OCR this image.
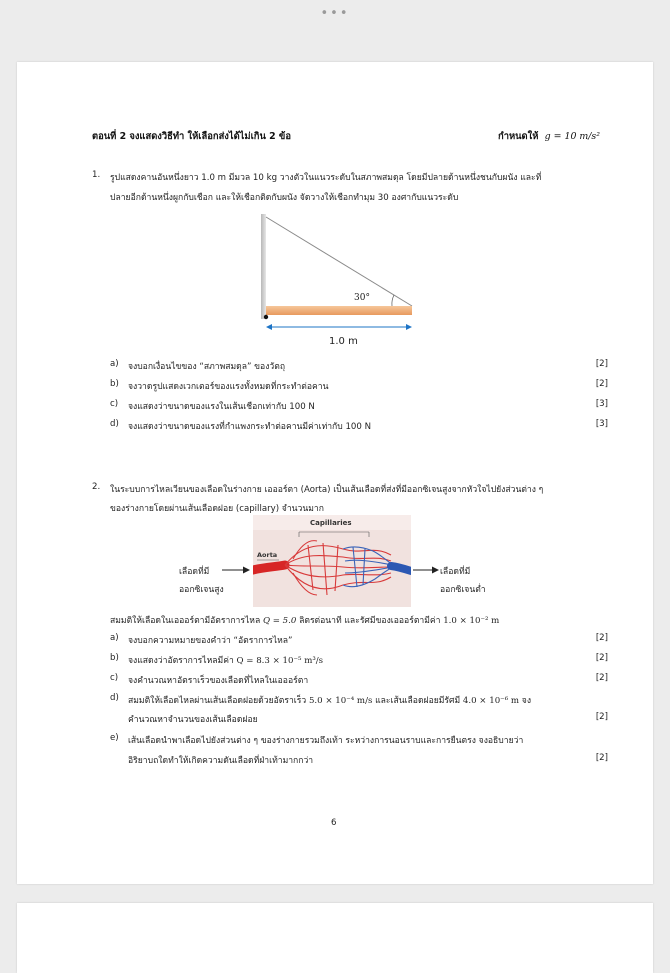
•••
ตอนที่ 2 จงแสดงวิธีทำ ให้เลือกส่งได้ไม่เกิน 2 ข้อ	กำหนดให้ g = 10 m/s²
1. รูปแสดงคานอันหนึ่งยาว 1.0 m มีมวล 10 kg วางตัวในแนวระดับในสภาพสมดุล โดยมีปลายด้านหนึ่งชนกับผนัง และที่
ปลายอีกด้านหนึ่งผูกกับเชือก และให้เชือกติดกับผนัง จัดวางให้เชือกทำมุม 30 องศากับแนวระดับ
30°
1.0 m
a) จงบอกเงื่อนไขของ “สภาพสมดุล” ของวัตถุ	[2]
b) จงวาดรูปแสดงเวกเตอร์ของแรงทั้งหมดที่กระทำต่อคาน	[2]
c) จงแสดงว่าขนาดของแรงในเส้นเชือกเท่ากับ 100 N	[3]
d) จงแสดงว่าขนาดของแรงที่กำแพงกระทำต่อคานมีค่าเท่ากับ 100 N	[3]
2. ในระบบการไหลเวียนของเลือดในร่างกาย เอออร์ตา (Aorta) เป็นเส้นเลือดที่ส่งที่มีออกซิเจนสูงจากหัวใจไปยังส่วนต่าง ๆ
ของร่างกายโดยผ่านเส้นเลือดฝอย (capillary) จำนวนมาก
เลือดที่มี
ออกซิเจนสูง
Capillaries
Aorta
เลือดที่มี
ออกซิเจนต่ำ
สมมติให้เลือดในเอออร์ตามีอัตราการไหล Q = 5.0 ลิตรต่อนาที และรัศมีของเอออร์ตามีค่า 1.0 × 10⁻² m
a) จงบอกความหมายของคำว่า “อัตราการไหล”	[2]
b) จงแสดงว่าอัตราการไหลมีค่า Q = 8.3 × 10⁻⁵ m³/s	[2]
c) จงคำนวณหาอัตราเร็วของเลือดที่ไหลในเอออร์ตา	[2]
d) สมมติให้เลือดไหลผ่านเส้นเลือดฝอยด้วยอัตราเร็ว 5.0 × 10⁻⁴ m/s และเส้นเลือดฝอยมีรัศมี 4.0 × 10⁻⁶ m จง
คำนวณหาจำนวนของเส้นเลือดฝอย	[2]
e) เส้นเลือดนำพาเลือดไปยังส่วนต่าง ๆ ของร่างกายรวมถึงเท้า ระหว่างการนอนราบและการยืนตรง จงอธิบายว่า
อิริยาบถใดทำให้เกิดความดันเลือดที่ฝ่าเท้ามากกว่า	[2]
6
